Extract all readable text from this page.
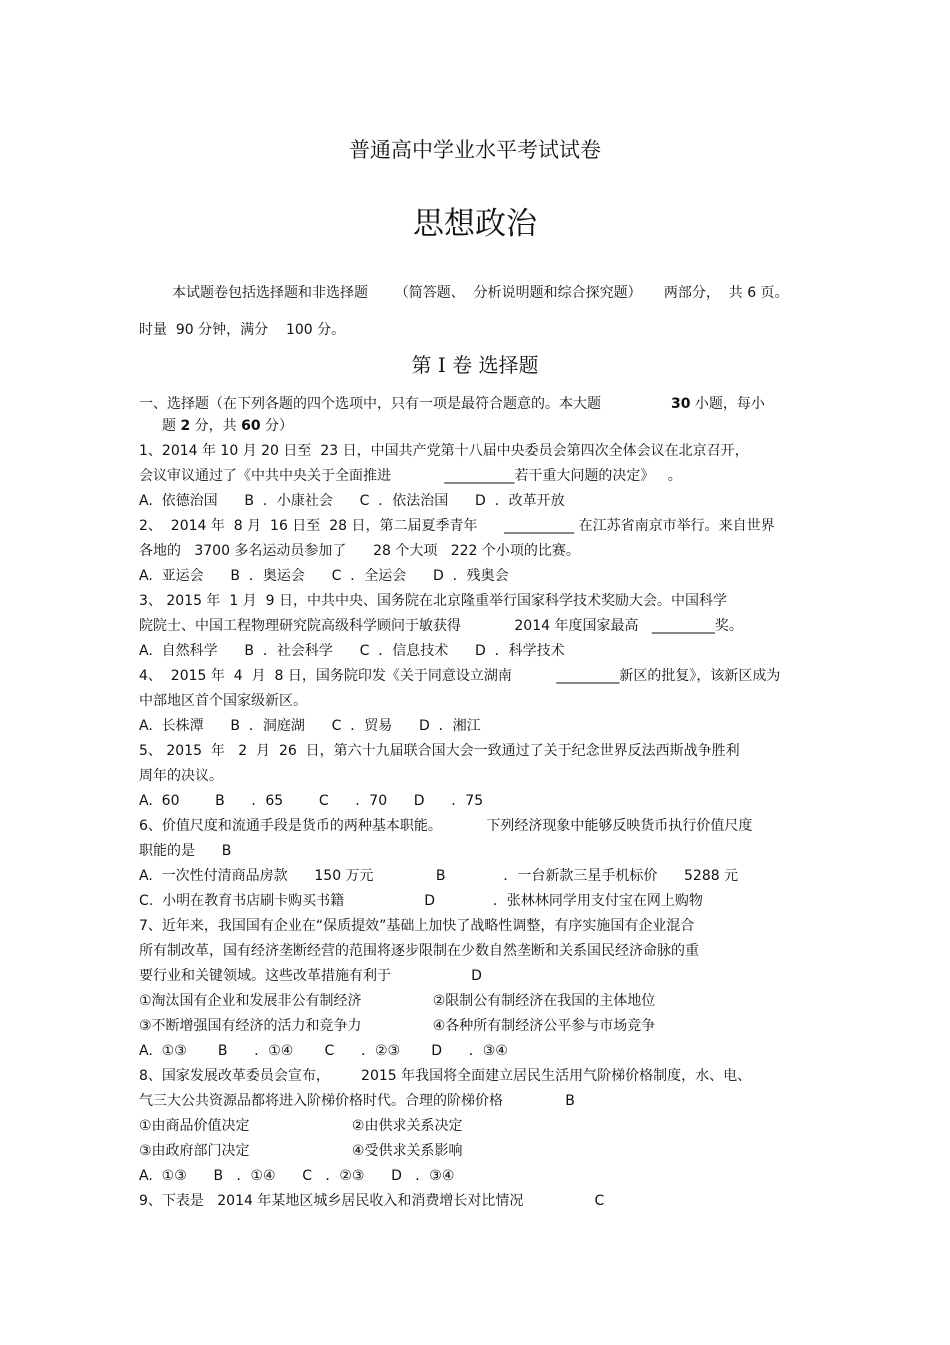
普通高中学业水平考试试卷
思想政治
本试题卷包括选择题和非选择题      （简答题、  分析说明题和综合探究题）     两部分，  共 6 页。
时量  90 分钟，满分    100 分。
第 I 卷 选择题
一、选择题（在下列各题的四个选项中，只有一项是最符合题意的。本大题	30 小题，每小
题 2 分，共 60 分）
1、2014 年 10 月 20 日至  23 日，中国共产党第十八届中央委员会第四次全体会议在北京召开，
会议审议通过了《中共中央关于全面推进            __________若干重大问题的决定》   。
A.  依德治国      B  ．小康社会      C  ．依法治国      D  ．改革开放
2、  2014 年  8 月  16 日至  28 日，第二届夏季青年      __________ 在江苏省南京市举行。来自世界
各地的   3700 多名运动员参加了      28 个大项   222 个小项的比赛。
A.  亚运会      B  ．奥运会      C  ．全运会      D  ．残奥会
3、 2015 年  1 月  9 日，中共中央、国务院在北京隆重举行国家科学技术奖励大会。中国科学
院院士、中国工程物理研究院高级科学顾问于敏获得            2014 年度国家最高   _________奖。
A.  自然科学      B  ．社会科学      C  ．信息技术      D  ．科学技术
4、  2015 年  4  月  8 日，国务院印发《关于同意设立湖南          _________新区的批复》，该新区成为
中部地区首个国家级新区。
A.  长株潭      B  ．洞庭湖      C  ．贸易      D  ．湘江
5、 2015  年   2  月  26  日，第六十九届联合国大会一致通过了关于纪念世界反法西斯战争胜利
周年的决议。
A.  60        B      ．65        C      ．70      D      ．75
6、价值尺度和流通手段是货币的两种基本职能。          下列经济现象中能够反映货币执行价值尺度
职能的是      B
A.  一次性付清商品房款      150 万元              B             ．一台新款三星手机标价      5288 元
C.  小明在教育书店刷卡购买书籍                  D             ．张林林同学用支付宝在网上购物
7、近年来，我国国有企业在“保质提效”基础上加快了战略性调整，有序实施国有企业混合
所有制改革，国有经济垄断经营的范围将逐步限制在少数自然垄断和关系国民经济命脉的重
要行业和关键领域。这些改革措施有利于                  D
①淘汰国有企业和发展非公有制经济                ②限制公有制经济在我国的主体地位
③不断增强国有经济的活力和竞争力                ④各种所有制经济公平参与市场竞争
A.  ①③       B      ．①④       C      ．②③       D      ．③④
8、国家发展改革委员会宣布，       2015 年我国将全面建立居民生活用气阶梯价格制度，水、电、
气三大公共资源品都将进入阶梯价格时代。合理的阶梯价格              B
①由商品价值决定                       ②由供求关系决定
③由政府部门决定                       ④受供求关系影响
A.  ①③      B   ．①④      C   ．②③      D   ．③④
9、下表是   2014 年某地区城乡居民收入和消费增长对比情况                C
